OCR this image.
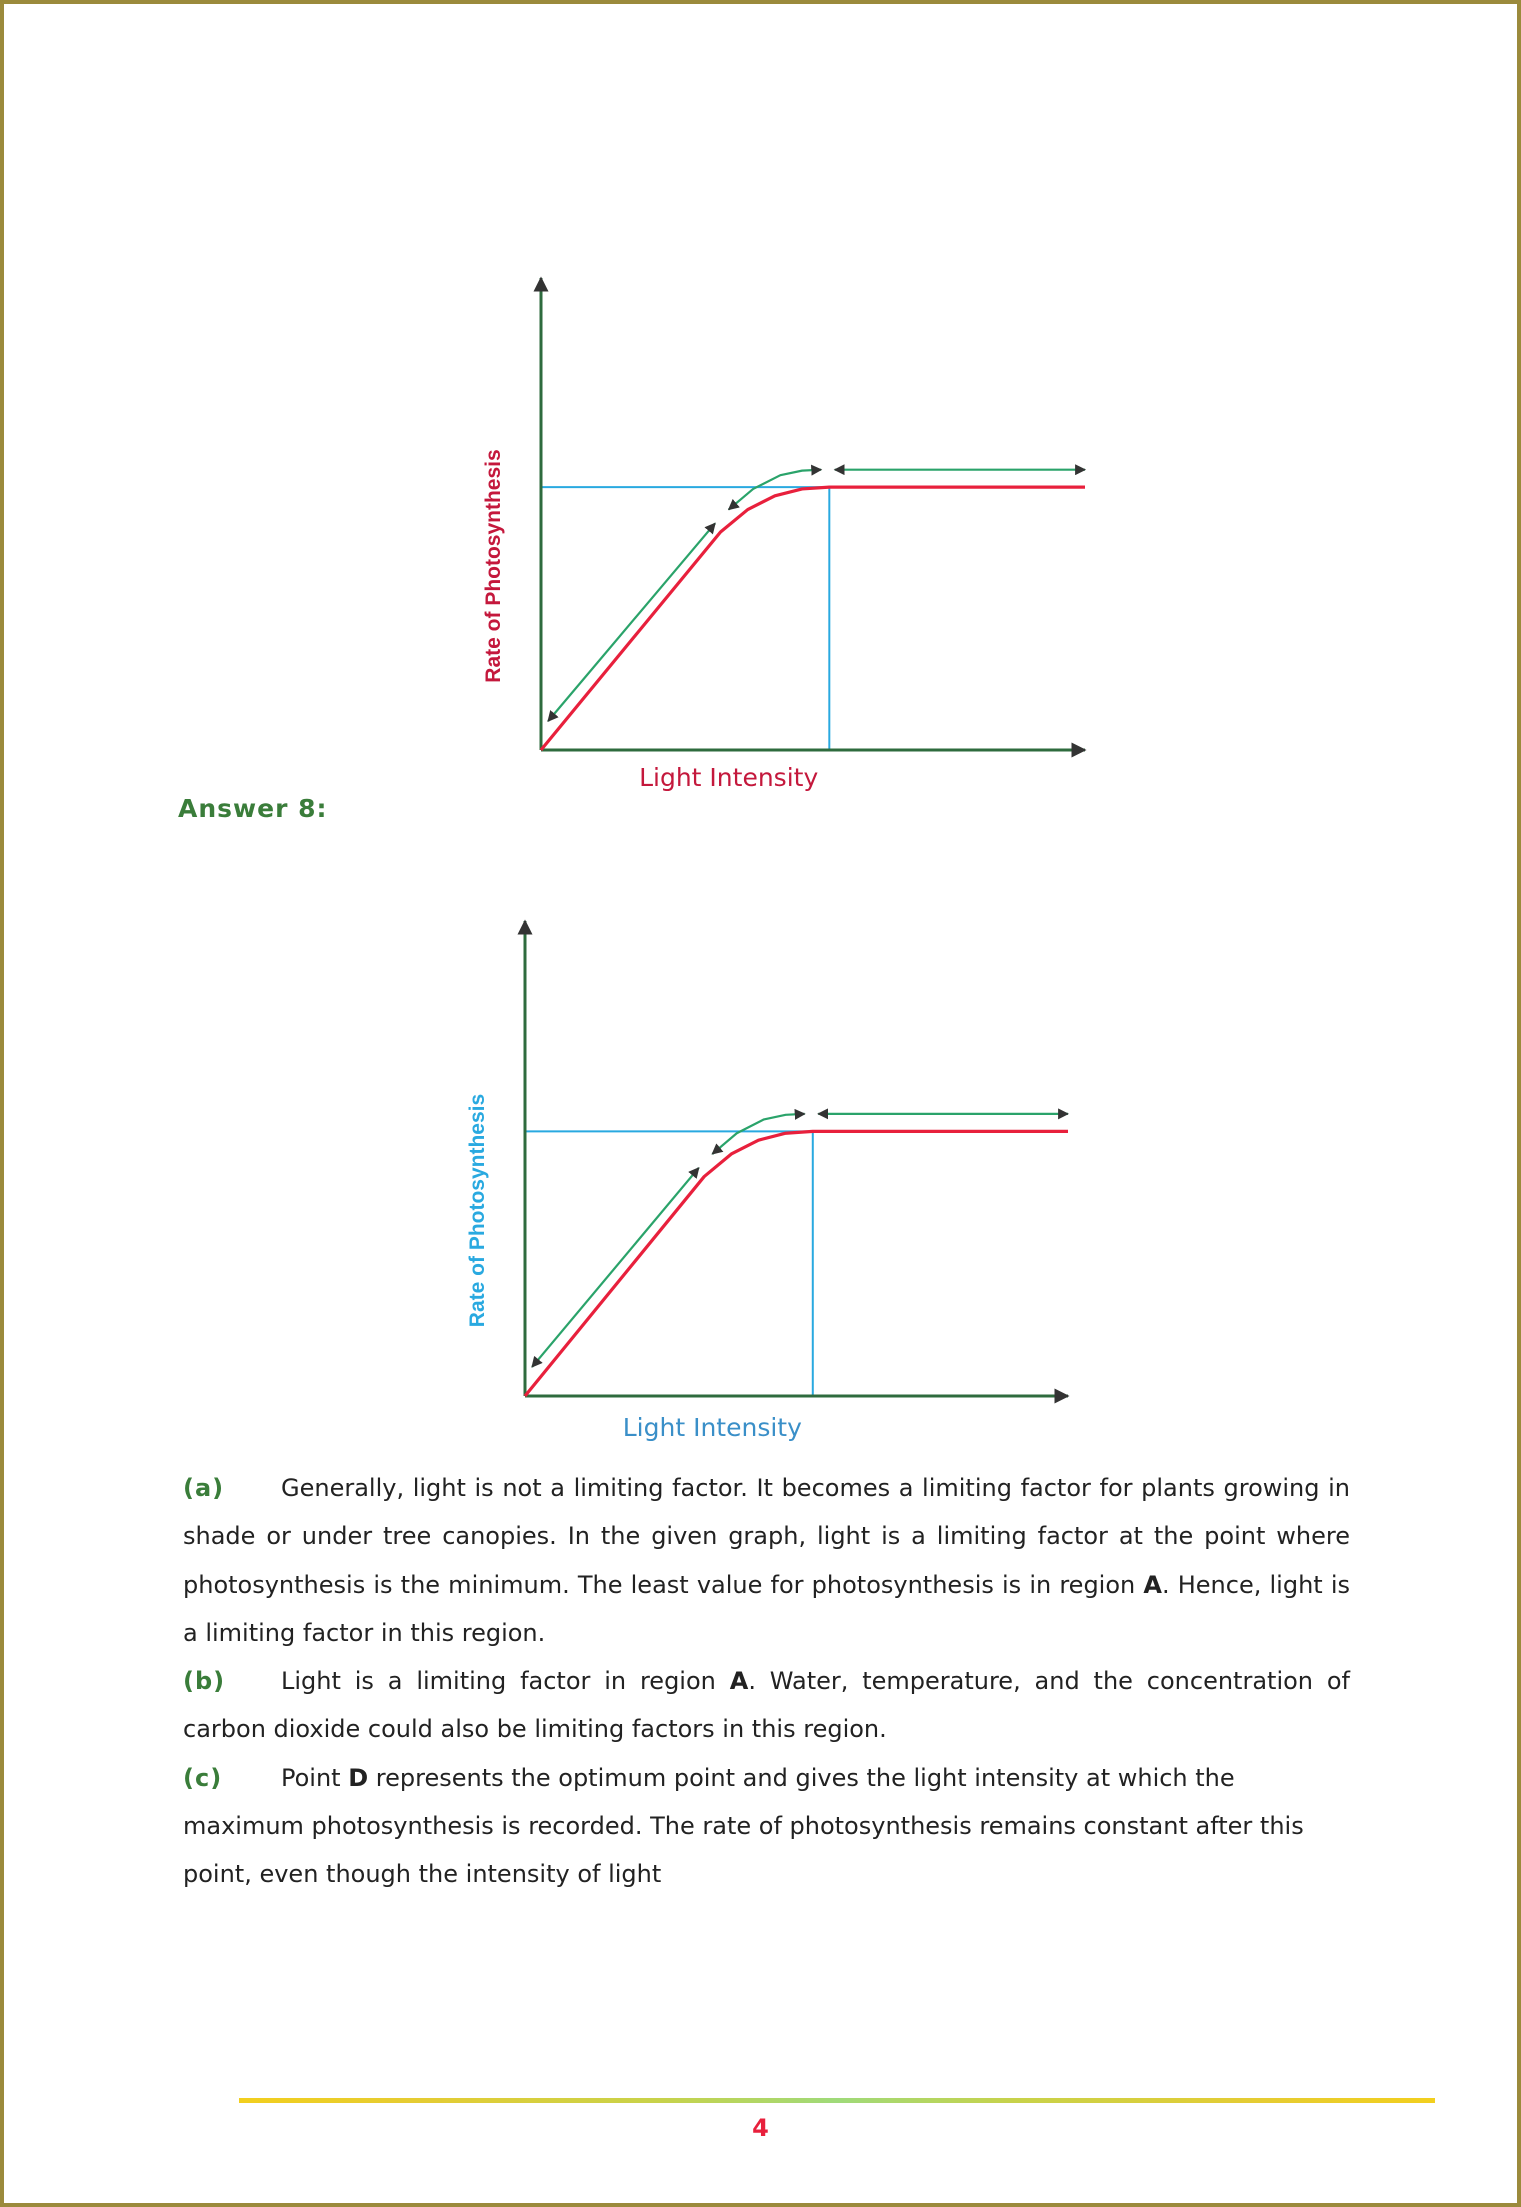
Rate of Photosynthesis
Light Intensity
Rate of Photosynthesis
Light Intensity
Answer 8:

(a) Generally, light is not a limiting factor. It becomes a limiting factor for plants growing in shade or under tree canopies. In the given graph, light is a limiting factor at the point where photosynthesis is the minimum. The least value for photosynthesis is in region A. Hence, light is a limiting factor in this region.

(b) Light is a limiting factor in region A. Water, temperature, and the concentration of carbon dioxide could also be limiting factors in this region.

(c) Point D represents the optimum point and gives the light intensity at which the maximum photosynthesis is recorded. The rate of photosynthesis remains constant after this point, even though the intensity of light

4
